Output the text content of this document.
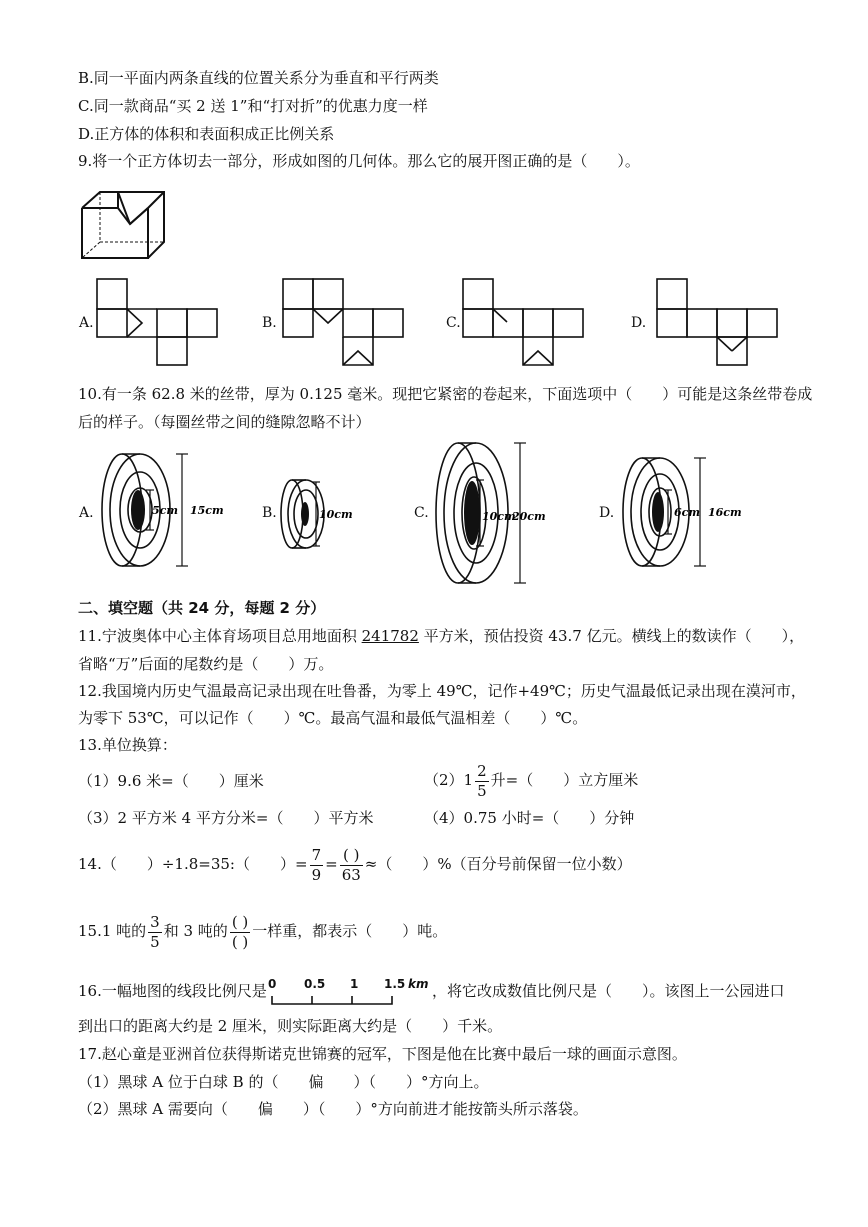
B.同一平面内两条直线的位置关系分为垂直和平行两类
C.同一款商品“买 2 送 1”和“打对折”的优惠力度一样
D.正方体的体积和表面积成正比例关系
9.将一个正方体切去一部分，形成如图的几何体。那么它的展开图正确的是（　　）。
A.	B.	C.	D.
10.有一条 62.8 米的丝带，厚为 0.125 毫米。现把它紧密的卷起来，下面选项中（　　）可能是这条丝带卷成
后的样子。（每圈丝带之间的缝隙忽略不计）
A.	5cm 15cm	B.	10cm	C.	10cm
20cm	D.	6cm 16cm
二、填空题（共 24 分，每题 2 分）
11.宁波奥体中心主体育场项目总用地面积 241782 平方米，预估投资 43.7 亿元。横线上的数读作（　　），
省略“万”后面的尾数约是（　　）万。
12.我国境内历史气温最高记录出现在吐鲁番，为零上 49℃，记作+49℃；历史气温最低记录出现在漠河市，
为零下 53℃，可以记作（　　）℃。最高气温和最低气温相差（　　）℃。
13.单位换算：
（1）9.6 米=（　　）厘米	$(2)1 \frac{2}{5}$ 升=（　　）立方厘米
（3）2 平方米 4 平方分米=（　　）平方米	（4）0.75 小时=（　　）分钟
14.（　　）÷1.8=35:（　　）= $\frac{7}{9} = \frac{( )}{63}$ ≈（　　）%（百分号前保留一位小数）
15.1 吨的 $\frac{3}{5}$ 和 3 吨的 $\frac{( )}{( )}$ 一样重，都表示（　　）吨。
16.一幅地图的线段比例尺是 0 0.5 1 1.5 km ，将它改成数值比例尺是（　　）。该图上一公园进口
到出口的距离大约是 2 厘米，则实际距离大约是（　　）千米。
17.赵心童是亚洲首位获得斯诺克世锦赛的冠军，下图是他在比赛中最后一球的画面示意图。
（1）黑球 A 位于白球 B 的（　　偏　　）（　　）°方向上。
（2）黑球 A 需要向（　　偏　　）（　　）°方向前进才能按箭头所示落袋。
